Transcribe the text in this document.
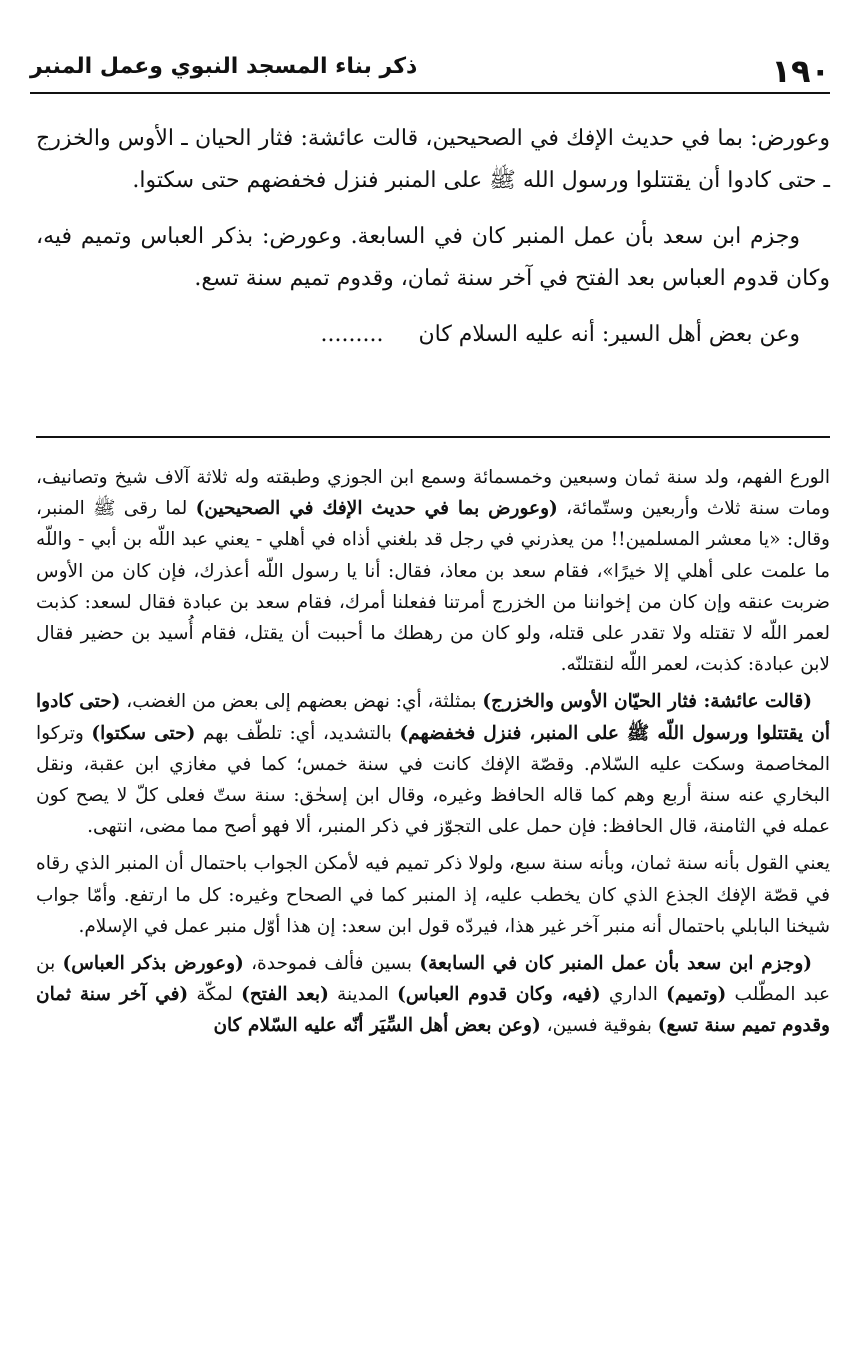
١٩٠
ذكر بناء المسجد النبوي وعمل المنبر

وعورض: بما في حديث الإفك في الصحيحين، قالت عائشة: فثار الحيان ـ الأوس والخزرج ـ حتى كادوا أن يقتتلوا ورسول الله ﷺ على المنبر فنزل فخفضهم حتى سكتوا.

وجزم ابن سعد بأن عمل المنبر كان في السابعة. وعورض: بذكر العباس وتميم فيه، وكان قدوم العباس بعد الفتح في آخر سنة ثمان، وقدوم تميم سنة تسع.

وعن بعض أهل السير: أنه عليه السلام كان     .........

الورع الفهم، ولد سنة ثمان وسبعين وخمسمائة وسمع ابن الجوزي وطبقته وله ثلاثة آلاف شيخ وتصانيف، ومات سنة ثلاث وأربعين وستّمائة، (وعورض بما في حديث الإفك في الصحيحين) لما رقى ﷺ المنبر، وقال: «يا معشر المسلمين!! من يعذرني في رجل قد بلغني أذاه في أهلي - يعني عبد اللّه بن أبي - واللّه ما علمت على أهلي إلا خيرًا»، فقام سعد بن معاذ، فقال: أنا يا رسول اللّه أعذرك، فإن كان من الأوس ضربت عنقه وإن كان من إخواننا من الخزرج أمرتنا ففعلنا أمرك، فقام سعد بن عبادة فقال لسعد: كذبت لعمر اللّه لا تقتله ولا تقدر على قتله، ولو كان من رهطك ما أحببت أن يقتل، فقام أُسيد بن حضير فقال لابن عبادة: كذبت، لعمر اللّه لنقتلنّه.

(قالت عائشة: فثار الحيّان الأوس والخزرج) بمثلثة، أي: نهض بعضهم إلى بعض من الغضب، (حتى كادوا أن يقتتلوا ورسول اللّه ﷺ على المنبر، فنزل فخفضهم) بالتشديد، أي: تلطّف بهم (حتى سكتوا) وتركوا المخاصمة وسكت عليه السّلام. وقصّة الإفك كانت في سنة خمس؛ كما في مغازي ابن عقبة، ونقل البخاري عنه سنة أربع وهم كما قاله الحافظ وغيره، وقال ابن إسحٰق: سنة ستّ فعلى كلّ لا يصح كون عمله في الثامنة، قال الحافظ: فإن حمل على التجوّز في ذكر المنبر، ألا فهو أصح مما مضى، انتهى.

يعني القول بأنه سنة ثمان، وبأنه سنة سبع، ولولا ذكر تميم فيه لأمكن الجواب باحتمال أن المنبر الذي رقاه في قصّة الإفك الجذع الذي كان يخطب عليه، إذ المنبر كما في الصحاح وغيره: كل ما ارتفع. وأمّا جواب شيخنا البابلي باحتمال أنه منبر آخر غير هذا، فيردّه قول ابن سعد: إن هذا أوّل منبر عمل في الإسلام.

(وجزم ابن سعد بأن عمل المنبر كان في السابعة) بسين فألف فموحدة، (وعورض بذكر العباس) بن عبد المطّلب (وتميم) الداري (فيه، وكان قدوم العباس) المدينة (بعد الفتح) لمكّة (في آخر سنة ثمان وقدوم تميم سنة تسع) بفوقية فسين، (وعن بعض أهل السِّيَر أنّه عليه السّلام كان
